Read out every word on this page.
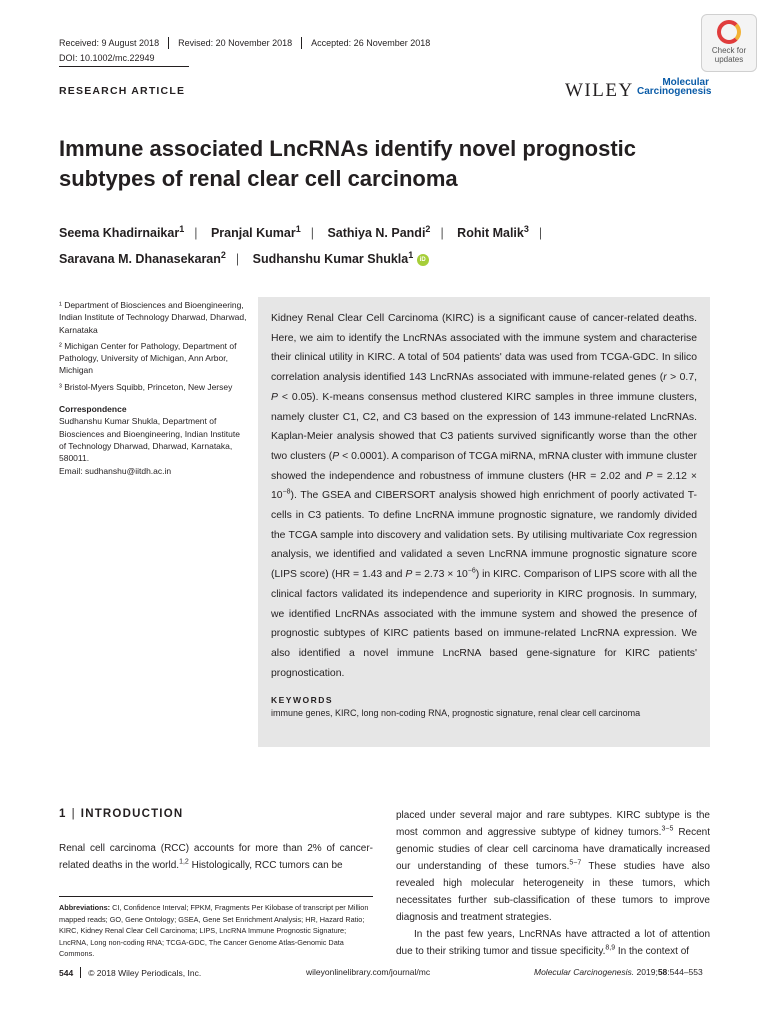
Received: 9 August 2018 Revised: 20 November 2018 Accepted: 26 November 2018
DOI: 10.1002/mc.22949
Check for
updates
RESEARCH ARTICLE	WILEY	Molecular
Carcinogenesis
Immune associated LncRNAs identify novel prognostic subtypes of renal clear cell carcinoma
Seema Khadirnaikar$^1$ | Pranjal Kumar$^1$ | Sathiya N. Pandi$^2$ | Rohit Malik$^3$ |
Saravana M. Dhanasekaran$^2$ | Sudhanshu Kumar Shukla$^1$ iD

¹ Department of Biosciences and Bioengineering, Indian Institute of Technology Dharwad, Dharwad, Karnataka

² Michigan Center for Pathology, Department of Pathology, University of Michigan, Ann Arbor, Michigan

³ Bristol-Myers Squibb, Princeton, New Jersey

Correspondence

Sudhanshu Kumar Shukla, Department of Biosciences and Bioengineering, Indian Institute of Technology Dharwad, Dharwad, Karnataka, 580011.

Email: sudhanshu@iitdh.ac.in

Kidney Renal Clear Cell Carcinoma (KIRC) is a significant cause of cancer-related deaths. Here, we aim to identify the LncRNAs associated with the immune system and characterise their clinical utility in KIRC. A total of 504 patients' data was used from TCGA-GDC. In silico correlation analysis identified 143 LncRNAs associated with immune-related genes (r > 0.7, P < 0.05). K-means consensus method clustered KIRC samples in three immune clusters, namely cluster C1, C2, and C3 based on the expression of 143 immune-related LncRNAs. Kaplan-Meier analysis showed that C3 patients survived significantly worse than the other two clusters (P < 0.0001). A comparison of TCGA miRNA, mRNA cluster with immune cluster showed the independence and robustness of immune clusters (HR = 2.02 and $P = 2.12 \times 10^{-8}$). The GSEA and CIBERSORT analysis showed high enrichment of poorly activated T-cells in C3 patients. To define LncRNA immune prognostic signature, we randomly divided the TCGA sample into discovery and validation sets. By utilising multivariate Cox regression analysis, we identified and validated a seven LncRNA immune prognostic signature score (LIPS score) (HR = 1.43 and $P = 2.73 \times 10^{-6}$) in KIRC. Comparison of LIPS score with all the clinical factors validated its independence and superiority in KIRC prognosis. In summary, we identified LncRNAs associated with the immune system and showed the presence of prognostic subtypes of KIRC patients based on immune-related LncRNA expression. We also identified a novel immune LncRNA based gene-signature for KIRC patients' prognostication.
KEYWORDS
immune genes, KIRC, long non-coding RNA, prognostic signature, renal clear cell carcinoma
1 | INTRODUCTION
Renal cell carcinoma (RCC) accounts for more than 2% of cancer-related deaths in the world.$^{1,2}$ Histologically, RCC tumors can be
Abbreviations: CI, Confidence Interval; FPKM, Fragments Per Kilobase of transcript per Million mapped reads; GO, Gene Ontology; GSEA, Gene Set Enrichment Analysis; HR, Hazard Ratio; KIRC, Kidney Renal Clear Cell Carcinoma; LIPS, LncRNA Immune Prognostic Signature; LncRNA, Long non-coding RNA; TCGA-GDC, The Cancer Genome Atlas-Genomic Data Commons.
placed under several major and rare subtypes. KIRC subtype is the most common and aggressive subtype of kidney tumors.$^{3-5}$ Recent genomic studies of clear cell carcinoma have dramatically increased our understanding of these tumors.$^{5-7}$ These studies have also revealed high molecular heterogeneity in these tumors, which necessitates further sub-classification of these tumors to improve diagnosis and treatment strategies.
In the past few years, LncRNAs have attracted a lot of attention due to their striking tumor and tissue specificity.$^{8,9}$ In the context of
544 © 2018 Wiley Periodicals, Inc.	wileyonlinelibrary.com/journal/mc	Molecular Carcinogenesis. 2019;58:544–553
